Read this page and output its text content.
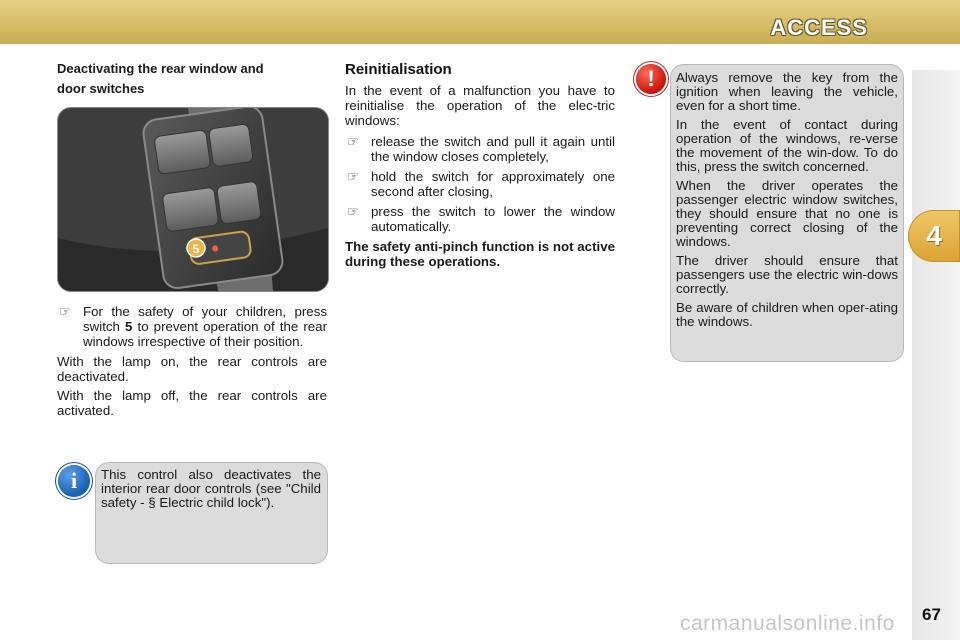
ACCESS
4
67
carmanualsonline.info

Deactivating the rear window and

door switches

5
☞ For the safety of your children, press switch 5 to prevent operation of the rear windows irrespective of their position.

With the lamp on, the rear controls are deactivated.

With the lamp off, the rear controls are activated.

i	This control also deactivates the interior rear door controls (see "Child safety - § Electric child lock").

Reinitialisation

In the event of a malfunction you have to reinitialise the operation of the elec-tric windows:

☞ release the switch and pull it again until the window closes completely,
☞ hold the switch for approximately one second after closing,
☞ press the switch to lower the window automatically.

The safety anti-pinch function is not active during these operations.

!	Always remove the key from the ignition when leaving the vehicle, even for a short time.

In the event of contact during operation of the windows, re-verse the movement of the win-dow. To do this, press the switch concerned.

When the driver operates the passenger electric window switches, they should ensure that no one is preventing correct closing of the windows.

The driver should ensure that passengers use the electric win-dows correctly.

Be aware of children when oper-ating the windows.
